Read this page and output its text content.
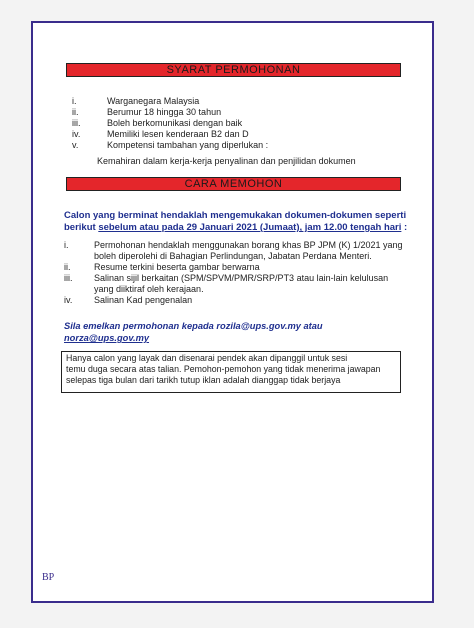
SYARAT PERMOHONAN
i.	Warganegara Malaysia
ii.	Berumur 18 hingga 30 tahun
iii.	Boleh berkomunikasi dengan baik
iv.	Memiliki lesen kenderaan B2 dan D
v.	Kompetensi tambahan yang diperlukan :
Kemahiran dalam kerja-kerja penyalinan dan penjilidan dokumen
CARA MEMOHON
Calon yang berminat hendaklah mengemukakan dokumen-dokumen seperti
berikut sebelum atau pada 29 Januari 2021 (Jumaat), jam 12.00 tengah hari :
i.	Permohonan hendaklah menggunakan borang khas BP JPM (K) 1/2021 yang
boleh diperolehi di Bahagian Perlindungan, Jabatan Perdana Menteri.
ii.	Resume terkini beserta gambar berwarna
iii.	Salinan sijil berkaitan (SPM/SPVM/PMR/SRP/PT3 atau lain-lain kelulusan
yang diiktiraf oleh kerajaan.
iv.	Salinan Kad pengenalan
Sila emelkan permohonan kepada rozila@ups.gov.my atau norza@ups.gov.my
Hanya calon yang layak dan disenarai pendek akan dipanggil untuk sesi
temu duga secara atas talian. Pemohon-pemohon yang tidak menerima jawapan
selepas tiga bulan dari tarikh tutup iklan adalah dianggap tidak berjaya
BP
